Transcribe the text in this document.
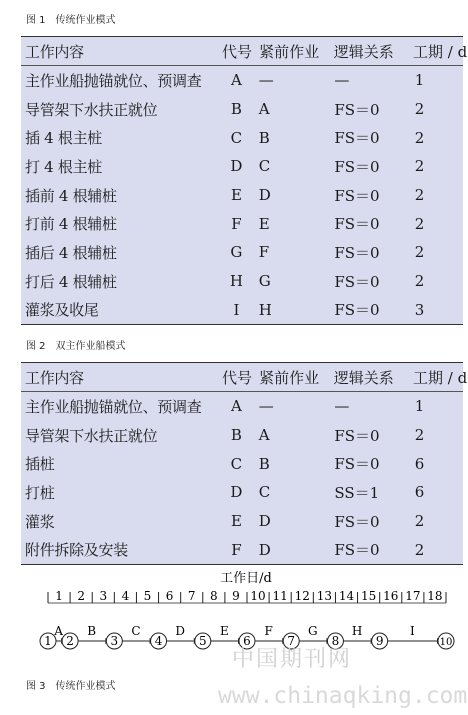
图 1　传统作业模式
工作内容	代号 紧前作业 逻辑关系	工期 / d
主作业船抛锚就位、预调查	A	—	—	1
导管架下水扶正就位	B	A	FS＝0	2
插 4 根主桩	C	B	FS＝0	2
打 4 根主桩	D	C	FS＝0	2
插前 4 根辅桩	E	D	FS＝0	2
打前 4 根辅桩	F	E	FS＝0	2
插后 4 根辅桩	G	F	FS＝0	2
打后 4 根辅桩	H	G	FS＝0	2
灌浆及收尾	I	H	FS＝0	3
图 2　双主作业船模式
工作内容	代号 紧前作业 逻辑关系	工期 / d
主作业船抛锚就位、预调查	A	—	—	1
导管架下水扶正就位	B	A	FS＝0	2
插桩	C	B	FS＝0	6
打桩	D	C	SS＝1	6
灌浆	E	D	FS＝0	2
附件拆除及安装	F	D	FS＝0	2
工作日/d
1 2 3 4 5 6 7 8 9 10 11 12 13 14 15 16 17 18
A B	C	D	E	F	G	H	I
1 2	3	4	5	6	7	8	9	10
中国期刊网
www.chinaqking.com
图 3　传统作业模式
